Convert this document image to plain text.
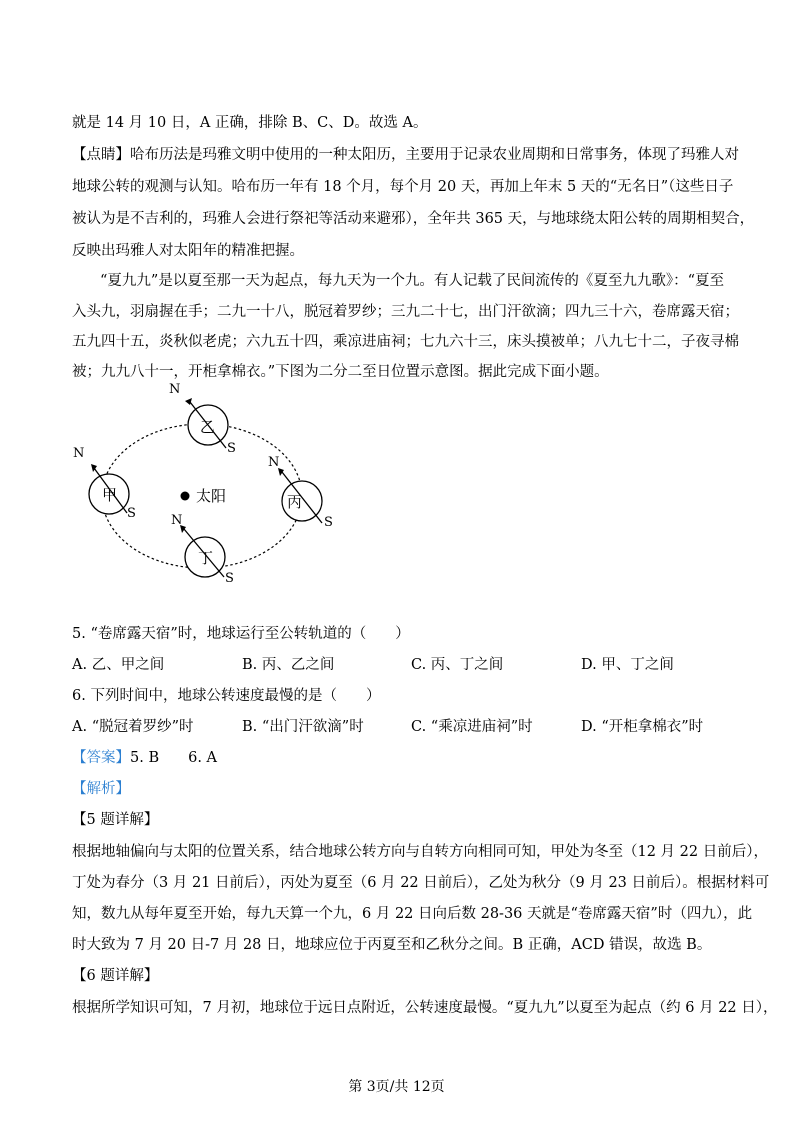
就是 14 月 10 日，A 正确，排除 B、C、D。故选 A。
【点睛】哈布历法是玛雅文明中使用的一种太阳历，主要用于记录农业周期和日常事务，体现了玛雅人对
地球公转的观测与认知。哈布历一年有 18 个月，每个月 20 天，再加上年末 5 天的“无名日”（这些日子
被认为是不吉利的，玛雅人会进行祭祀等活动来避邪），全年共 365 天，与地球绕太阳公转的周期相契合，
反映出玛雅人对太阳年的精准把握。
“夏九九”是以夏至那一天为起点，每九天为一个九。有人记载了民间流传的《夏至九九歌》：“夏至
入头九，羽扇握在手；二九一十八，脱冠着罗纱；三九二十七，出门汗欲滴；四九三十六，卷席露天宿；
五九四十五，炎秋似老虎；六九五十四，乘凉进庙祠；七九六十三，床头摸被单；八九七十二，子夜寻棉
被；九九八十一，开柜拿棉衣。”下图为二分二至日位置示意图。据此完成下面小题。
太阳
乙
N
S
甲
N
S
丙
N
S
丁
N
S
5. “卷席露天宿”时，地球运行至公转轨道的（　　）
A. 乙、甲之间	B. 丙、乙之间	C. 丙、丁之间	D. 甲、丁之间
6. 下列时间中，地球公转速度最慢的是（　　）
A. “脱冠着罗纱”时	B. “出门汗欲滴”时	C. “乘凉进庙祠”时	D. “开柜拿棉衣”时
【答案】5. B　　6. A
【解析】
【5 题详解】
根据地轴偏向与太阳的位置关系，结合地球公转方向与自转方向相同可知，甲处为冬至（12 月 22 日前后），
丁处为春分（3 月 21 日前后），丙处为夏至（6 月 22 日前后），乙处为秋分（9 月 23 日前后）。根据材料可
知，数九从每年夏至开始，每九天算一个九，6 月 22 日向后数 28-36 天就是“卷席露天宿”时（四九），此
时大致为 7 月 20 日-7 月 28 日，地球应位于丙夏至和乙秋分之间。B 正确，ACD 错误，故选 B。
【6 题详解】
根据所学知识可知，7 月初，地球位于远日点附近，公转速度最慢。“夏九九”以夏至为起点（约 6 月 22 日），
第 3页/共 12页
